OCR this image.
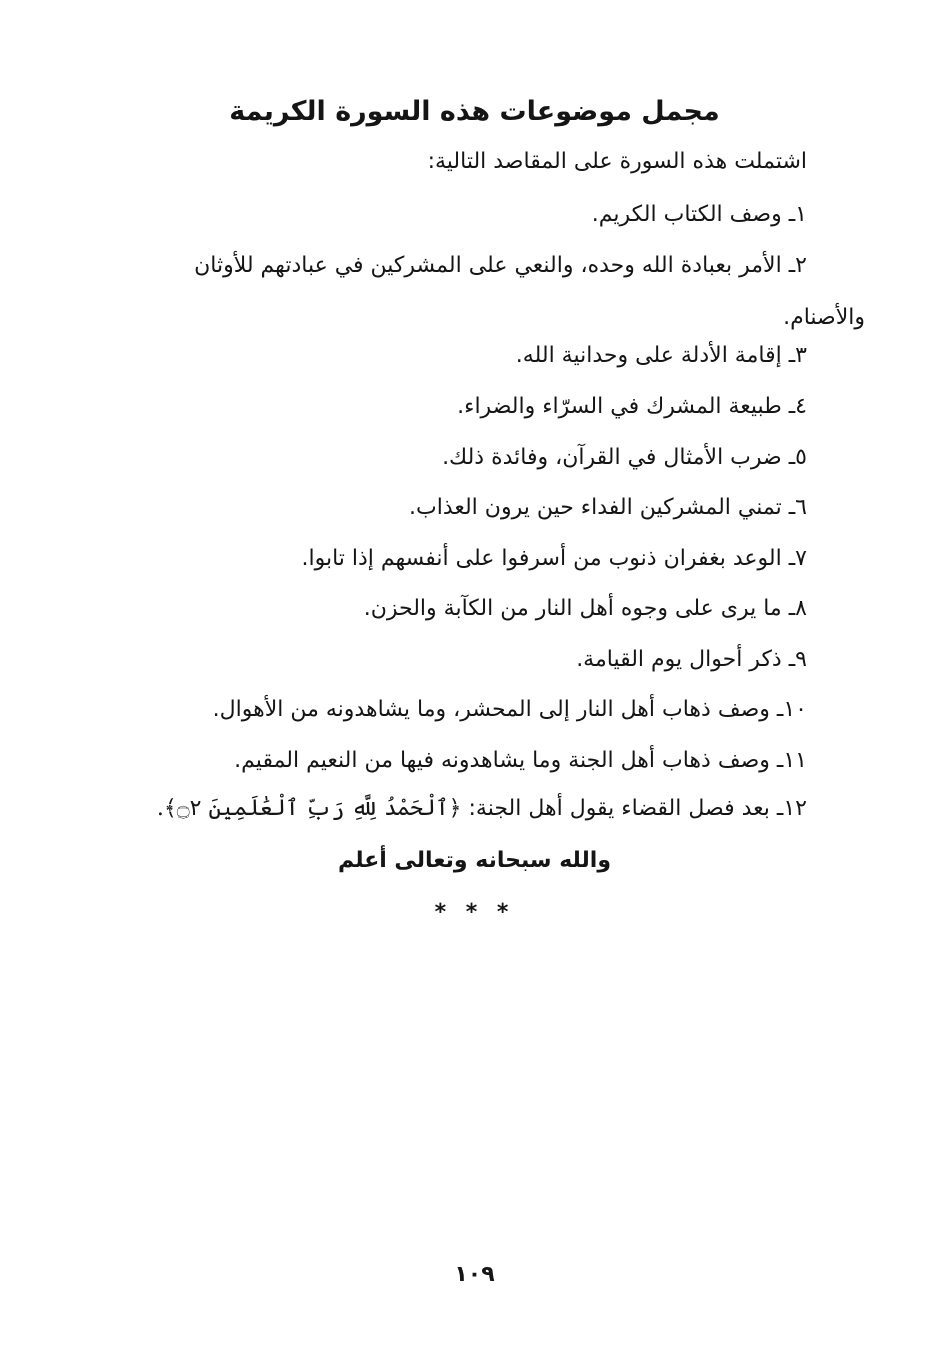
مجمل موضوعات هذه السورة الكريمة
اشتملت هذه السورة على المقاصد التالية:
١ـ وصف الكتاب الكريم.
٢ـ الأمر بعبادة الله وحده، والنعي على المشركين في عبادتهم للأوثان
والأصنام.
٣ـ إقامة الأدلة على وحدانية الله.
٤ـ طبيعة المشرك في السرّاء والضراء.
٥ـ ضرب الأمثال في القرآن، وفائدة ذلك.
٦ـ تمني المشركين الفداء حين يرون العذاب.
٧ـ الوعد بغفران ذنوب من أسرفوا على أنفسهم إذا تابوا.
٨ـ ما يرى على وجوه أهل النار من الكآبة والحزن.
٩ـ ذكر أحوال يوم القيامة.
١٠ـ وصف ذهاب أهل النار إلى المحشر، وما يشاهدونه من الأهوال.
١١ـ وصف ذهاب أهل الجنة وما يشاهدونه فيها من النعيم المقيم.
١٢ـ بعد فصل القضاء يقول أهل الجنة: ﴿ٱلْحَمْدُ لِلَّهِ رَبِّ ٱلْعَٰلَمِينَ ۝٢﴾.
والله سبحانه وتعالى أعلم
* * *
١٠٩
